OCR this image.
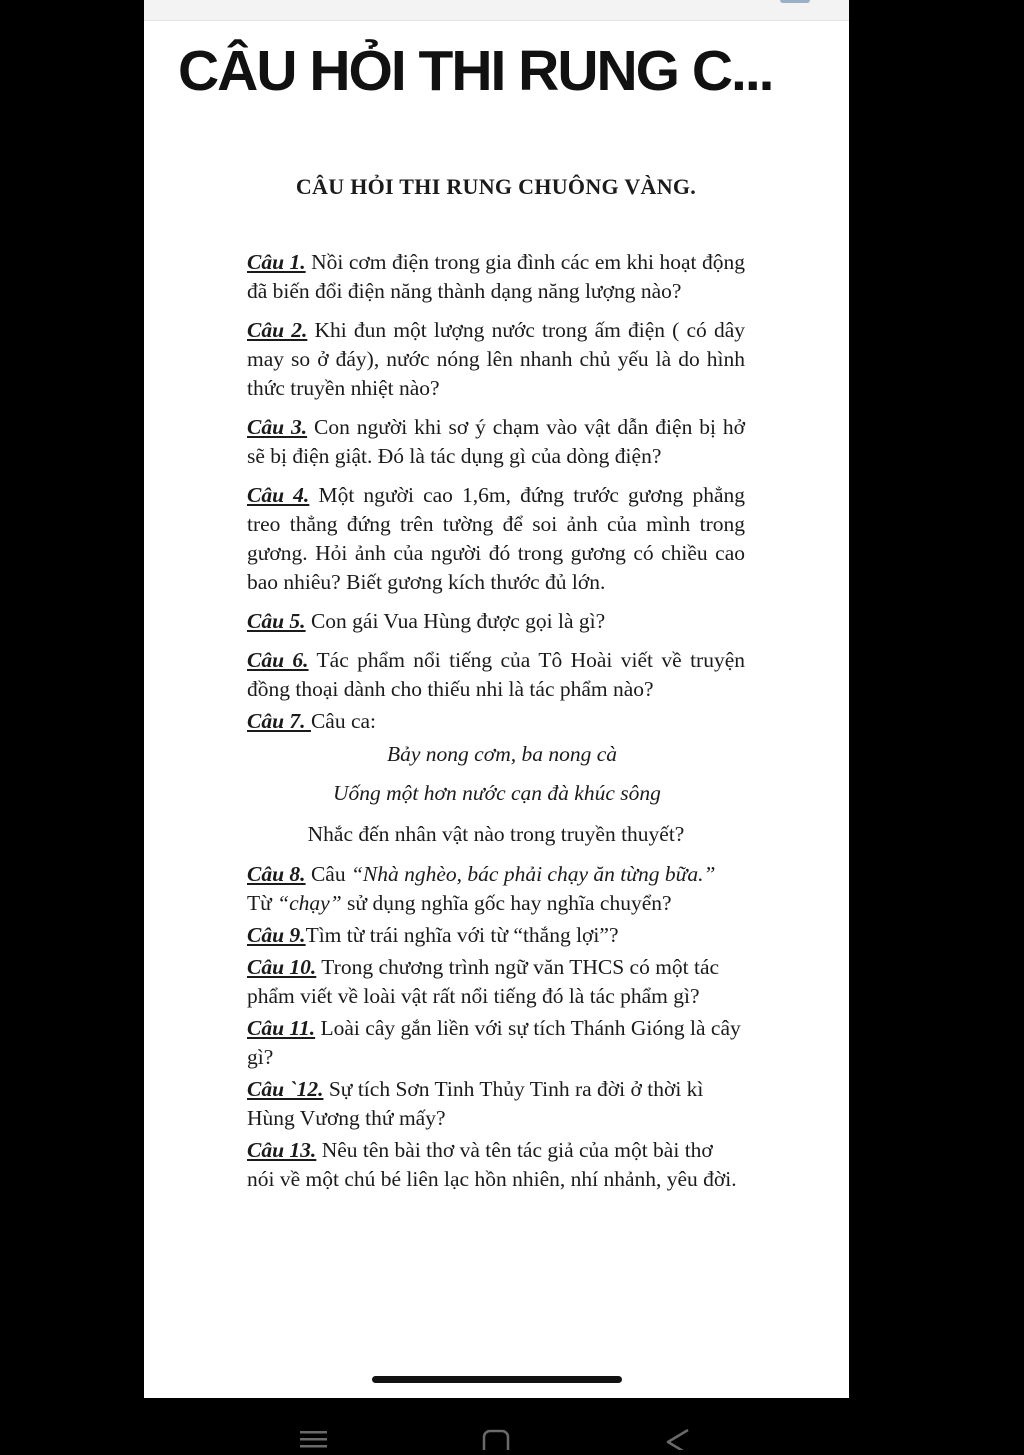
CÂU HỎI THI RUNG C...
CÂU HỎI THI RUNG CHUÔNG VÀNG.

Câu 1. Nồi cơm điện trong gia đình các em khi hoạt động đã biến đổi điện năng thành dạng năng lượng nào?

Câu 2. Khi đun một lượng nước trong ấm điện ( có dây may so ở đáy), nước nóng lên nhanh chủ yếu là do hình thức truyền nhiệt nào?

Câu 3. Con người khi sơ ý chạm vào vật dẫn điện bị hở sẽ bị điện giật. Đó là tác dụng gì của dòng điện?

Câu 4. Một người cao 1,6m, đứng trước gương phẳng treo thẳng đứng trên tường để soi ảnh của mình trong gương. Hỏi ảnh của người đó trong gương có chiều cao bao nhiêu? Biết gương kích thước đủ lớn.

Câu 5. Con gái Vua Hùng được gọi là gì?

Câu 6. Tác phẩm nổi tiếng của Tô Hoài viết về truyện đồng thoại dành cho thiếu nhi là tác phẩm nào?

Câu 7. Câu ca:

Bảy nong cơm, ba nong cà

Uống một hơn nước cạn đà khúc sông

Nhắc đến nhân vật nào trong truyền thuyết?

Câu 8. Câu “Nhà nghèo, bác phải chạy ăn từng bữa.” Từ “chạy” sử dụng nghĩa gốc hay nghĩa chuyển?

Câu 9.Tìm từ trái nghĩa với từ “thắng lợi”?

Câu 10. Trong chương trình ngữ văn THCS có một tác phẩm viết về loài vật rất nổi tiếng đó là tác phẩm gì?

Câu 11. Loài cây gắn liền với sự tích Thánh Gióng là cây gì?

Câu `12. Sự tích Sơn Tinh Thủy Tinh ra đời ở thời kì Hùng Vương thứ mấy?

Câu 13. Nêu tên bài thơ và tên tác giả của một bài thơ nói về một chú bé liên lạc hồn nhiên, nhí nhảnh, yêu đời.
